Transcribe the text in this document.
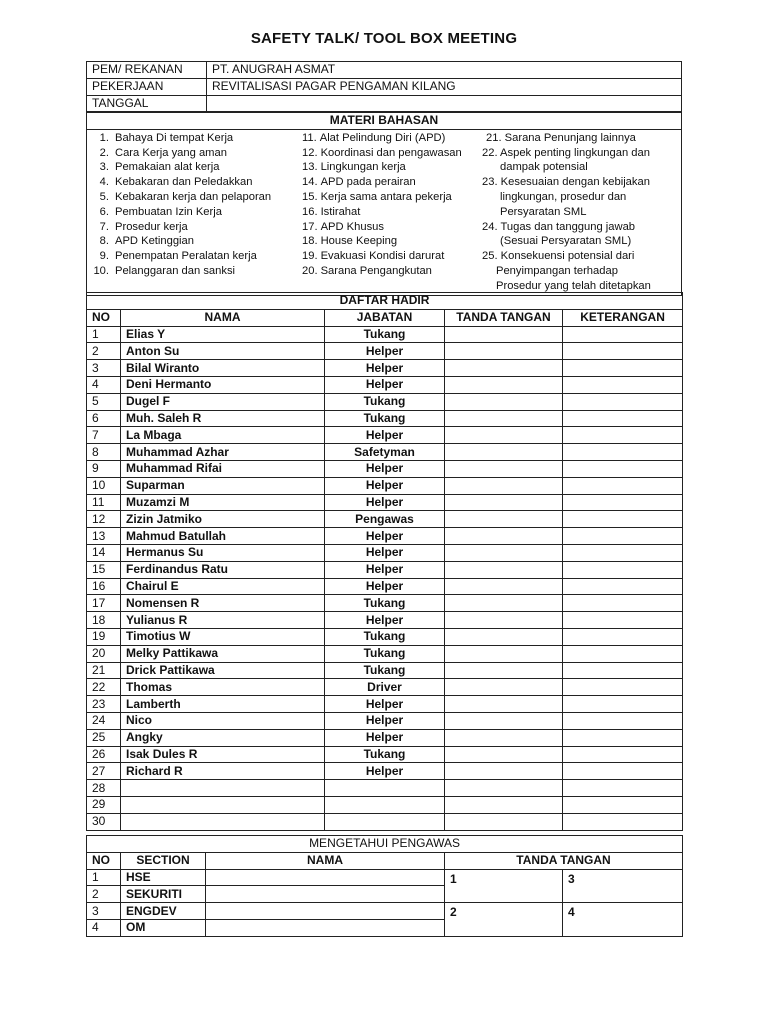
SAFETY TALK/ TOOL BOX MEETING
PEM/ REKANAN	PT. ANUGRAH ASMAT
PEKERJAAN	REVITALISASI PAGAR PENGAMAN KILANG
TANGGAL	
MATERI BAHASAN

1. Bahaya Di tempat Kerja
2. Cara Kerja yang aman
3. Pemakaian alat kerja
4. Kebakaran dan Peledakkan
5. Kebakaran kerja dan pelaporan
6. Pembuatan Izin Kerja
7. Prosedur kerja
8. APD Ketinggian
9. Penempatan Peralatan kerja
10. Pelanggaran dan sanksi
11. Alat Pelindung Diri (APD)
12. Koordinasi dan pengawasan
13. Lingkungan kerja
14. APD pada perairan
15. Kerja sama antara pekerja
16. Istirahat
17. APD Khusus
18. House Keeping
19. Evakuasi Kondisi darurat
20. Sarana Pengangkutan
21. Sarana Penunjang lainnya
22. Aspek penting lingkungan dan
dampak potensial
23. Kesesuaian dengan kebijakan
lingkungan, prosedur dan
Persyaratan SML
24. Tugas dan tanggung jawab
(Sesuai Persyaratan SML)
25. Konsekuensi potensial dari
Penyimpangan terhadap
Prosedur yang telah ditetapkan
DAFTAR HADIR				
NO	NAMA	JABATAN	TANDA TANGAN	KETERANGAN
1	Elias Y	Tukang		
2	Anton Su	Helper		
3	Bilal Wiranto	Helper		
4	Deni Hermanto	Helper		
5	Dugel F	Tukang		
6	Muh. Saleh R	Tukang		
7	La Mbaga	Helper		
8	Muhammad Azhar	Safetyman		
9	Muhammad Rifai	Helper		
10	Suparman	Helper		
11	Muzamzi M	Helper		
12	Zizin Jatmiko	Pengawas		
13	Mahmud Batullah	Helper		
14	Hermanus Su	Helper		
15	Ferdinandus Ratu	Helper		
16	Chairul E	Helper		
17	Nomensen R	Tukang		
18	Yulianus R	Helper		
19	Timotius W	Tukang		
20	Melky Pattikawa	Tukang		
21	Drick Pattikawa	Tukang		
22	Thomas	Driver		
23	Lamberth	Helper		
24	Nico	Helper		
25	Angky	Helper		
26	Isak Dules R	Tukang		
27	Richard R	Helper		
28				
29				
30				
MENGETAHUI PENGAWAS				
NO	SECTION	NAMA	TANDA TANGAN	
1	HSE		1	3
2	SEKURITI			
3	ENGDEV		2	4
4	OM			
